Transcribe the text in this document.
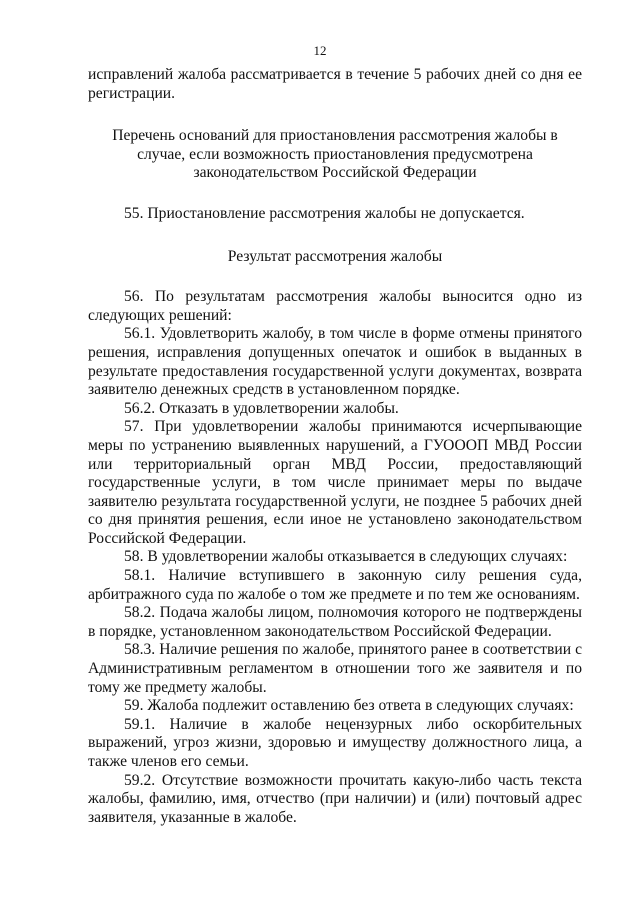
12

исправлений жалоба рассматривается в течение 5 рабочих дней со дня ее регистрации.

Перечень оснований для приостановления рассмотрения жалобы в случае, если возможность приостановления предусмотрена законодательством Российской Федерации

55. Приостановление рассмотрения жалобы не допускается.

Результат рассмотрения жалобы

56. По результатам рассмотрения жалобы выносится одно из следующих решений:

56.1. Удовлетворить жалобу, в том числе в форме отмены принятого решения, исправления допущенных опечаток и ошибок в выданных в результате предоставления государственной услуги документах, возврата заявителю денежных средств в установленном порядке.

56.2. Отказать в удовлетворении жалобы.

57. При удовлетворении жалобы принимаются исчерпывающие меры по устранению выявленных нарушений, а ГУОООП МВД России или территориальный орган МВД России, предоставляющий государственные услуги, в том числе принимает меры по выдаче заявителю результата государственной услуги, не позднее 5 рабочих дней со дня принятия решения, если иное не установлено законодательством Российской Федерации.

58. В удовлетворении жалобы отказывается в следующих случаях:

58.1. Наличие вступившего в законную силу решения суда, арбитражного суда по жалобе о том же предмете и по тем же основаниям.

58.2. Подача жалобы лицом, полномочия которого не подтверждены в порядке, установленном законодательством Российской Федерации.

58.3. Наличие решения по жалобе, принятого ранее в соответствии с Административным регламентом в отношении того же заявителя и по тому же предмету жалобы.

59. Жалоба подлежит оставлению без ответа в следующих случаях:

59.1. Наличие в жалобе нецензурных либо оскорбительных выражений, угроз жизни, здоровью и имуществу должностного лица, а также членов его семьи.

59.2. Отсутствие возможности прочитать какую-либо часть текста жалобы, фамилию, имя, отчество (при наличии) и (или) почтовый адрес заявителя, указанные в жалобе.
